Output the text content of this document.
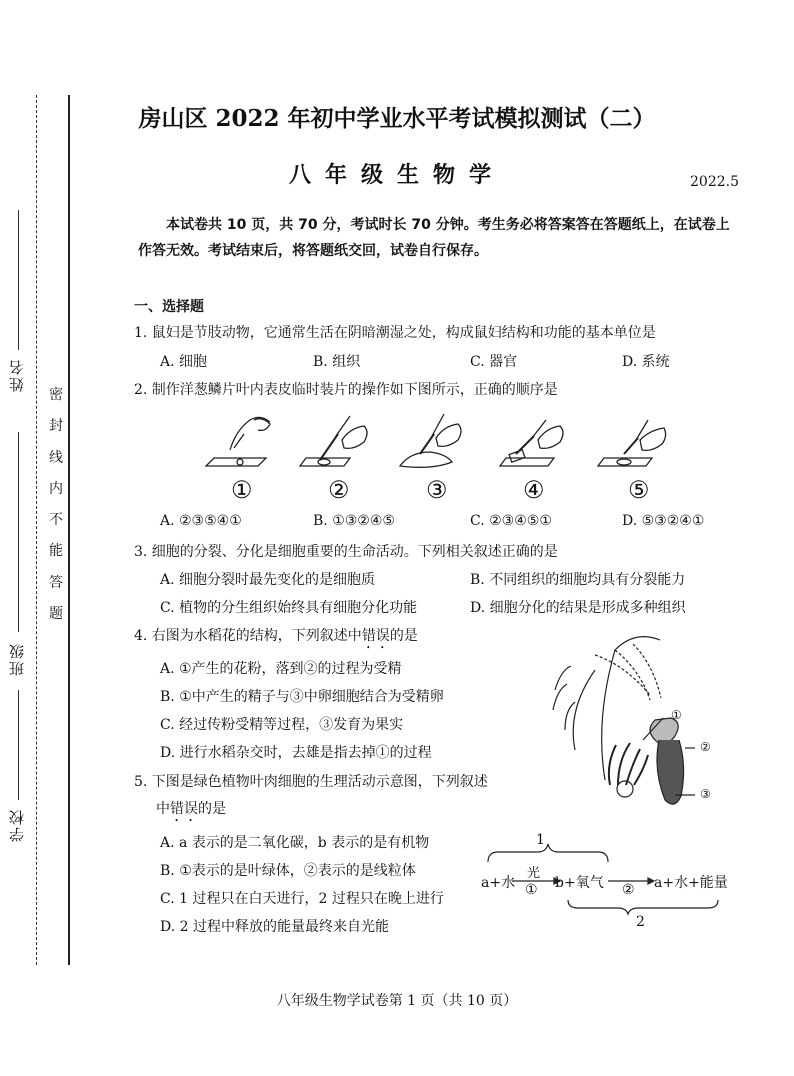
姓名
班级
学校
密
封
线
内
不
能
答
题
房山区 2022 年初中学业水平考试模拟测试（二）
八年级生物学	2022.5
本试卷共 10 页，共 70 分，考试时长 70 分钟。考生务必将答案答在答题纸上，在试卷上作答无效。考试结束后，将答题纸交回，试卷自行保存。
一、选择题
1. 鼠妇是节肢动物，它通常生活在阴暗潮湿之处，构成鼠妇结构和功能的基本单位是
A. 细胞	B. 组织	C. 器官	D. 系统
2. 制作洋葱鳞片叶内表皮临时装片的操作如下图所示，正确的顺序是
①	②	③	④	⑤
A. ②③⑤④①	B. ①③②④⑤	C. ②③④⑤①	D. ⑤③②④①
3. 细胞的分裂、分化是细胞重要的生命活动。下列相关叙述正确的是
A. 细胞分裂时最先变化的是细胞质	B. 不同组织的细胞均具有分裂能力
C. 植物的分生组织始终具有细胞分化功能	D. 细胞分化的结果是形成多种组织
4. 右图为水稻花的结构，下列叙述中错误的是
A. ①产生的花粉，落到②的过程为受精
B. ①中产生的精子与③中卵细胞结合为受精卵
C. 经过传粉受精等过程，③发育为果实
D. 进行水稻杂交时，去雄是指去掉①的过程
①
②
③
5. 下图是绿色植物叶肉细胞的生理活动示意图，下列叙述
中错误的是
A. a 表示的是二氧化碳，b 表示的是有机物
B. ①表示的是叶绿体，②表示的是线粒体
C. 1 过程只在白天进行，2 过程只在晚上进行
D. 2 过程中释放的能量最终来自光能
1
a+水
光
① b+氧气 ② a+水+能量
2
八年级生物学试卷第 1 页（共 10 页）
